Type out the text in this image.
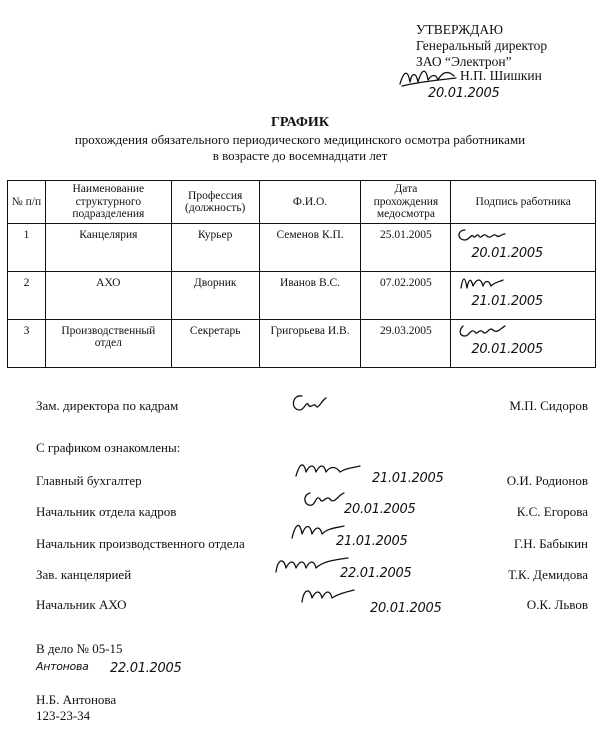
УТВЕРЖДАЮ
Генеральный директор
ЗАО “Электрон”
Н.П. Шишкин
20.01.2005
ГРАФИК
прохождения обязательного периодического медицинского осмотра работниками
в возрасте до восемнадцати лет
№ п/п	Наименование структурного подразделения	Профессия (должность)	Ф.И.О.	Дата прохождения медосмотра	Подпись работника
1	Канцелярия	Курьер	Семенов К.П.	25.01.2005	20.01.2005

2	АХО	Дворник	Иванов В.С.	07.02.2005	21.01.2005

3	Производственный отдел	Секретарь	Григорьева И.В.	29.03.2005	20.01.2005
Зам. директора по кадрам	М.П. Сидоров
С графиком ознакомлены:
Главный бухгалтер	21.01.2005	О.И. Родионов
Начальник отдела кадров	20.01.2005	К.С. Егорова
Начальник производственного отдела	21.01.2005	Г.Н. Бабыкин
Зав. канцелярией	22.01.2005	Т.К. Демидова
Начальник АХО	20.01.2005	О.К. Львов
В дело № 05-15
Антонова 22.01.2005
Н.Б. Антонова
123-23-34
